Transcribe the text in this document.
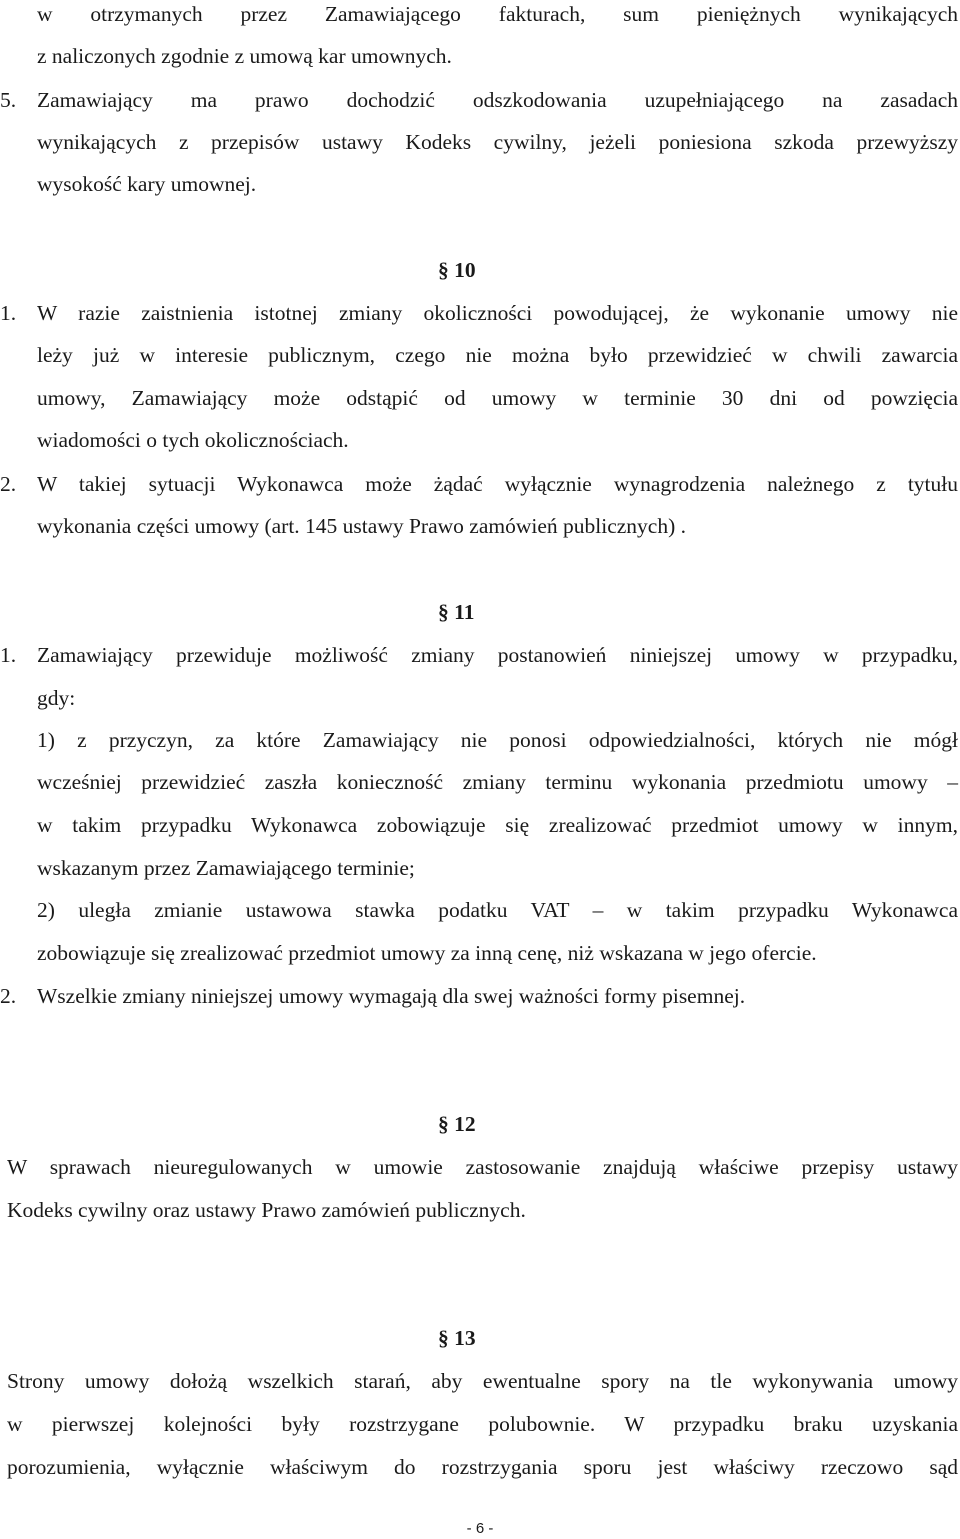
w otrzymanych przez Zamawiającego fakturach, sum pieniężnych wynikających
z naliczonych zgodnie z umową kar umownych.
5. Zamawiający ma prawo dochodzić odszkodowania uzupełniającego na zasadach
wynikających z przepisów ustawy Kodeks cywilny, jeżeli poniesiona szkoda przewyższy
wysokość kary umownej.
§ 10
1. W razie zaistnienia istotnej zmiany okoliczności powodującej, że wykonanie umowy nie
leży już w interesie publicznym, czego nie można było przewidzieć w chwili zawarcia
umowy, Zamawiający może odstąpić od umowy w terminie 30 dni od powzięcia
wiadomości o tych okolicznościach.
2. W takiej sytuacji Wykonawca może żądać wyłącznie wynagrodzenia należnego z tytułu
wykonania części umowy (art. 145 ustawy Prawo zamówień publicznych) .
§ 11
1. Zamawiający przewiduje możliwość zmiany postanowień niniejszej umowy w przypadku,
gdy:
1) z przyczyn, za które Zamawiający nie ponosi odpowiedzialności, których nie mógł
wcześniej przewidzieć zaszła konieczność zmiany terminu wykonania przedmiotu umowy –
w takim przypadku Wykonawca zobowiązuje się zrealizować przedmiot umowy w innym,
wskazanym przez Zamawiającego terminie;
2) uległa zmianie ustawowa stawka podatku VAT – w takim przypadku Wykonawca
zobowiązuje się zrealizować przedmiot umowy za inną cenę, niż wskazana w jego ofercie.
2. Wszelkie zmiany niniejszej umowy wymagają dla swej ważności formy pisemnej.
§ 12
W sprawach nieuregulowanych w umowie zastosowanie znajdują właściwe przepisy ustawy
Kodeks cywilny oraz ustawy Prawo zamówień publicznych.
§ 13
Strony umowy dołożą wszelkich starań, aby ewentualne spory na tle wykonywania umowy
w pierwszej kolejności były rozstrzygane polubownie. W przypadku braku uzyskania
porozumienia, wyłącznie właściwym do rozstrzygania sporu jest właściwy rzeczowo sąd
- 6 -
